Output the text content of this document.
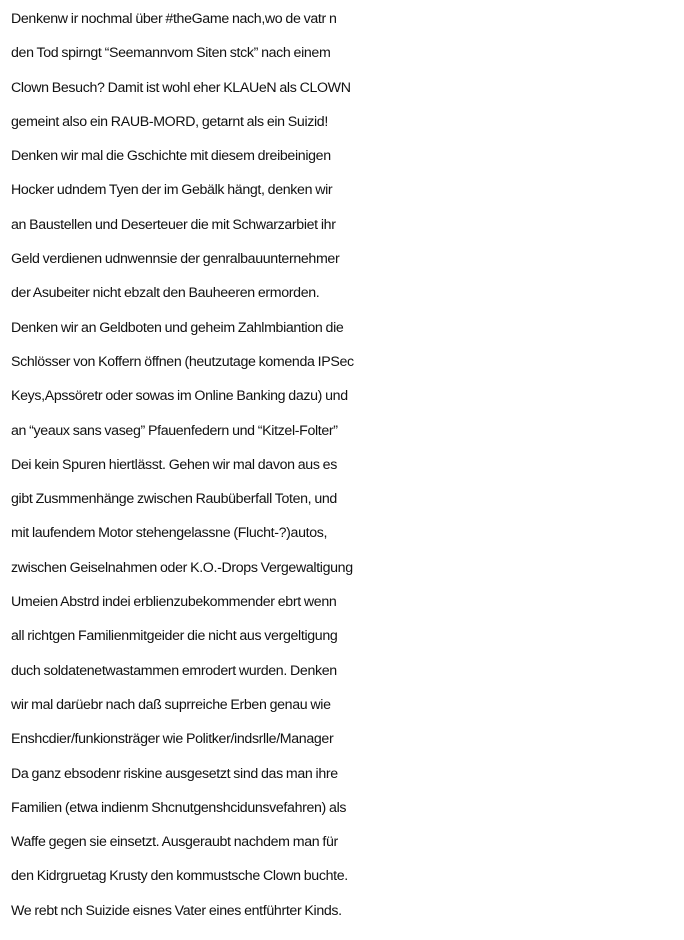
Denkenw ir nochmal über #theGame nach,wo de vatr n
den Tod spirngt “Seemannvom Siten stck” nach einem
Clown Besuch? Damit ist wohl eher KLAUeN als CLOWN
gemeint also ein RAUB-MORD, getarnt als ein Suizid!
Denken wir mal die Gschichte mit diesem dreibeinigen
Hocker udndem Tyen der im Gebälk hängt, denken wir
an Baustellen und Deserteuer die mit Schwarzarbiet ihr
Geld verdienen udnwennsie der genralbauunternehmer
der Asubeiter nicht ebzalt den Bauheeren ermorden.
Denken wir an Geldboten und geheim Zahlmbiantion die
Schlösser von Koffern öffnen (heutzutage komenda IPSec
Keys,Apssöretr oder sowas im Online Banking dazu) und
an “yeaux sans vaseg” Pfauenfedern und “Kitzel-Folter”
Dei kein Spuren hiertlässt. Gehen wir mal davon aus es
gibt Zusmmenhänge zwischen Raubüberfall Toten, und
mit laufendem Motor stehengelassne (Flucht-?)autos,
zwischen Geiselnahmen oder K.O.-Drops Vergewaltigung
Umeien Abstrd indei erblienzubekommender ebrt wenn
all richtgen Familienmitgeider die nicht aus vergeltigung
duch soldatenetwastammen emrodert wurden. Denken
wir mal darüebr nach daß suprreiche Erben genau wie
Enshcdier/funkionsträger wie Politker/indsrlle/Manager
Da ganz ebsodenr riskine ausgesetzt sind das man ihre
Familien (etwa indienm Shcnutgenshcidunsvefahren) als
Waffe gegen sie einsetzt. Ausgeraubt nachdem man für
den Kidrgruetag Krusty den kommustsche Clown buchte.
We rebt nch Suizide eisnes Vater eines entführter Kinds.
